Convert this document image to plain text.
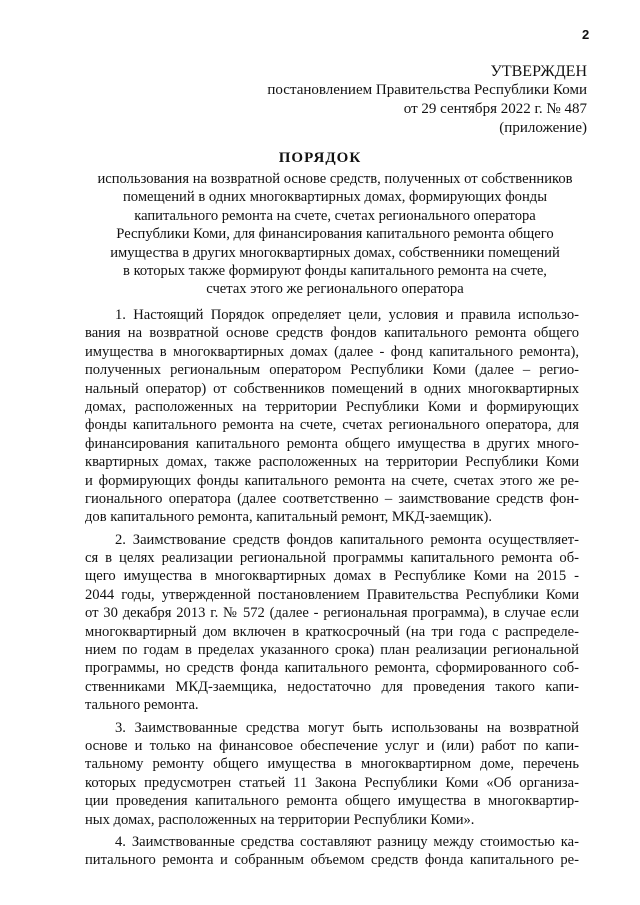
2
УТВЕРЖДЕН
постановлением Правительства Республики Коми
от 29 сентября 2022 г. № 487
(приложение)
ПОРЯДОК
использования на возвратной основе средств, полученных от собственников
помещений в одних многоквартирных домах, формирующих фонды
капитального ремонта на счете, счетах регионального оператора
Республики Коми, для финансирования капитального ремонта общего
имущества в других многоквартирных домах, собственники помещений
в которых также формируют фонды капитального ремонта на счете,
счетах этого же регионального оператора
1. Настоящий Порядок определяет цели, условия и правила использо-
вания на возвратной основе средств фондов капитального ремонта общего
имущества в многоквартирных домах (далее - фонд капитального ремонта),
полученных региональным оператором Республики Коми (далее – регио-
нальный оператор) от собственников помещений в одних многоквартирных
домах, расположенных на территории Республики Коми и формирующих
фонды капитального ремонта на счете, счетах регионального оператора, для
финансирования капитального ремонта общего имущества в других много-
квартирных домах, также расположенных на территории Республики Коми
и формирующих фонды капитального ремонта на счете, счетах этого же ре-
гионального оператора (далее соответственно – заимствование средств фон-
дов капитального ремонта, капитальный ремонт, МКД-заемщик).
2. Заимствование средств фондов капитального ремонта осуществляет-
ся в целях реализации региональной программы капитального ремонта об-
щего имущества в многоквартирных домах в Республике Коми на 2015 -
2044 годы, утвержденной постановлением Правительства Республики Коми
от 30 декабря 2013 г. № 572 (далее - региональная программа), в случае если
многоквартирный дом включен в краткосрочный (на три года с распределе-
нием по годам в пределах указанного срока) план реализации региональной
программы, но средств фонда капитального ремонта, сформированного соб-
ственниками МКД-заемщика, недостаточно для проведения такого капи-
тального ремонта.
3. Заимствованные средства могут быть использованы на возвратной
основе и только на финансовое обеспечение услуг и (или) работ по капи-
тальному ремонту общего имущества в многоквартирном доме, перечень
которых предусмотрен статьей 11 Закона Республики Коми «Об организа-
ции проведения капитального ремонта общего имущества в многоквартир-
ных домах, расположенных на территории Республики Коми».
4. Заимствованные средства составляют разницу между стоимостью ка-
питального ремонта и собранным объемом средств фонда капитального ре-
